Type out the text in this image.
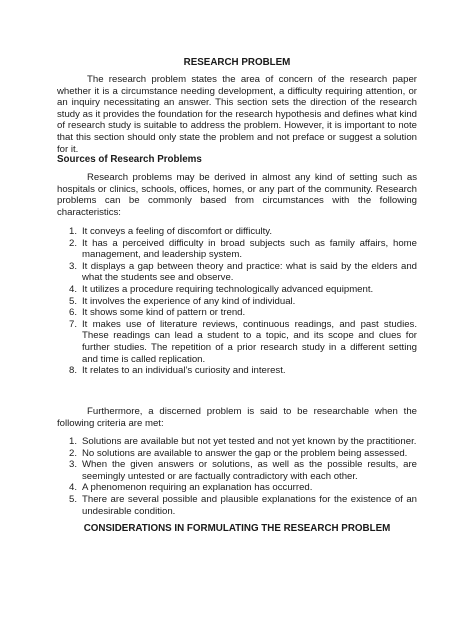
RESEARCH PROBLEM

The research problem states the area of concern of the research paper whether it is a circumstance needing development, a difficulty requiring attention, or an inquiry necessitating an answer. This section sets the direction of the research study as it provides the foundation for the research hypothesis and defines what kind of research study is suitable to address the problem. However, it is important to note that this section should only state the problem and not preface or suggest a solution for it.

Sources of Research Problems

Research problems may be derived in almost any kind of setting such as hospitals or clinics, schools, offices, homes, or any part of the community. Research problems can be commonly based from circumstances with the following characteristics:

1. It conveys a feeling of discomfort or difficulty.
2. It has a perceived difficulty in broad subjects such as family affairs, home management, and leadership system.
3. It displays a gap between theory and practice: what is said by the elders and what the students see and observe.
4. It utilizes a procedure requiring technologically advanced equipment.
5. It involves the experience of any kind of individual.
6. It shows some kind of pattern or trend.
7. It makes use of literature reviews, continuous readings, and past studies. These readings can lead a student to a topic, and its scope and clues for further studies. The repetition of a prior research study in a different setting and time is called replication.
8. It relates to an individual’s curiosity and interest.

Furthermore, a discerned problem is said to be researchable when the following criteria are met:

1. Solutions are available but not yet tested and not yet known by the practitioner.
2. No solutions are available to answer the gap or the problem being assessed.
3. When the given answers or solutions, as well as the possible results, are seemingly untested or are factually contradictory with each other.
4. A phenomenon requiring an explanation has occurred.
5. There are several possible and plausible explanations for the existence of an undesirable condition.
CONSIDERATIONS IN FORMULATING THE RESEARCH PROBLEM
